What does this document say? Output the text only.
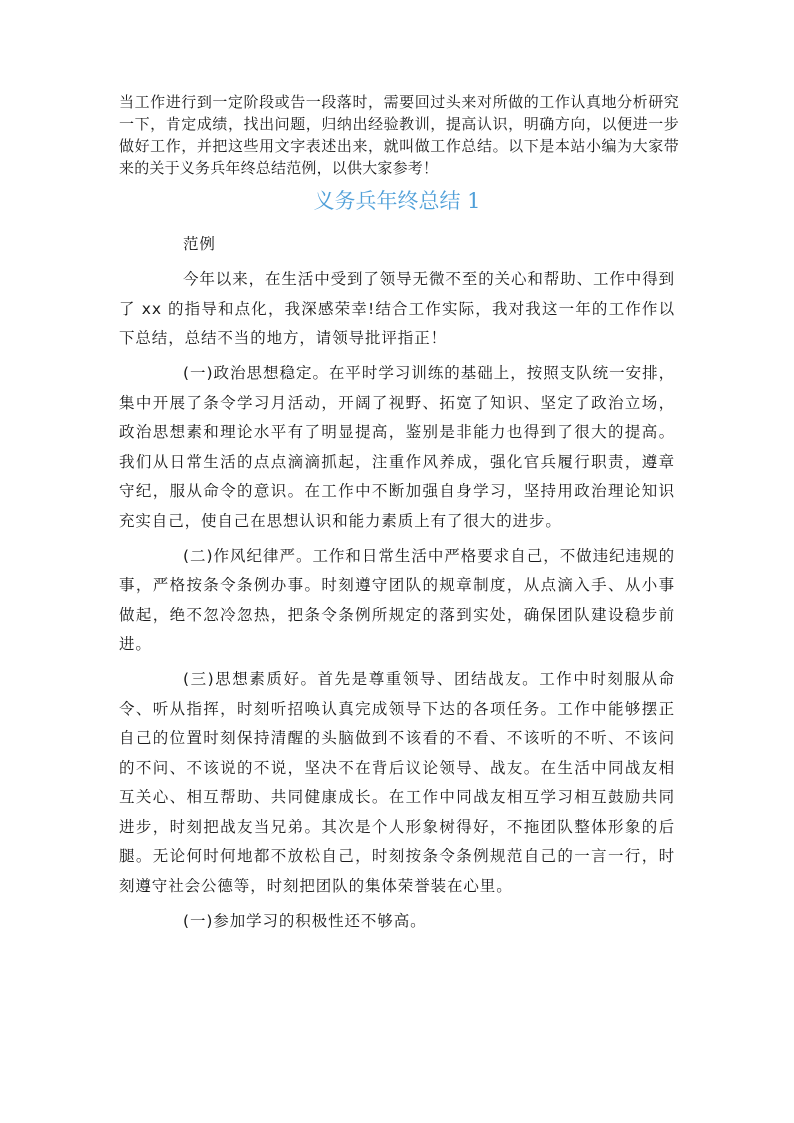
当工作进行到一定阶段或告一段落时，需要回过头来对所做的工作认真地分析研究一下，肯定成绩，找出问题，归纳出经验教训，提高认识，明确方向，以便进一步做好工作，并把这些用文字表述出来，就叫做工作总结。以下是本站小编为大家带来的关于义务兵年终总结范例，以供大家参考！

义务兵年终总结 1

范例

今年以来，在生活中受到了领导无微不至的关心和帮助、工作中得到了 xx 的指导和点化，我深感荣幸!结合工作实际，我对我这一年的工作作以下总结，总结不当的地方，请领导批评指正！

(一)政治思想稳定。在平时学习训练的基础上，按照支队统一安排，集中开展了条令学习月活动，开阔了视野、拓宽了知识、坚定了政治立场，政治思想素和理论水平有了明显提高，鉴别是非能力也得到了很大的提高。我们从日常生活的点点滴滴抓起，注重作风养成，强化官兵履行职责，遵章守纪，服从命令的意识。在工作中不断加强自身学习，坚持用政治理论知识充实自己，使自己在思想认识和能力素质上有了很大的进步。

(二)作风纪律严。工作和日常生活中严格要求自己，不做违纪违规的事，严格按条令条例办事。时刻遵守团队的规章制度，从点滴入手、从小事做起，绝不忽冷忽热，把条令条例所规定的落到实处，确保团队建设稳步前进。

(三)思想素质好。首先是尊重领导、团结战友。工作中时刻服从命令、听从指挥，时刻听招唤认真完成领导下达的各项任务。工作中能够摆正自己的位置时刻保持清醒的头脑做到不该看的不看、不该听的不听、不该问的不问、不该说的不说，坚决不在背后议论领导、战友。在生活中同战友相互关心、相互帮助、共同健康成长。在工作中同战友相互学习相互鼓励共同进步，时刻把战友当兄弟。其次是个人形象树得好，不拖团队整体形象的后腿。无论何时何地都不放松自己，时刻按条令条例规范自己的一言一行，时刻遵守社会公德等，时刻把团队的集体荣誉装在心里。

(一)参加学习的积极性还不够高。
